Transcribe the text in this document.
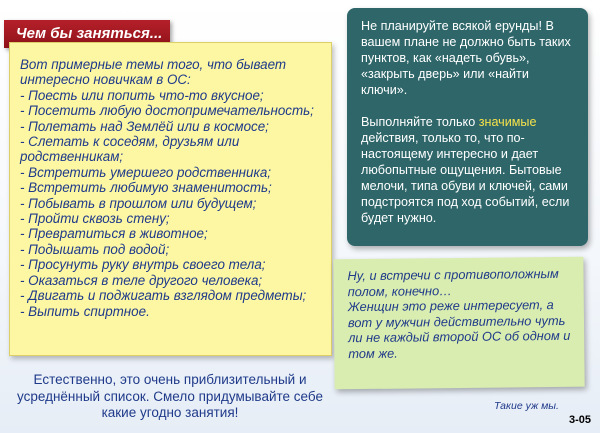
Чем бы заняться...

Вот примерные темы того, что бывает интересно новичкам в ОС:

- Поесть или попить что-то вкусное;
- Посетить любую достопримечательность;
- Полетать над Землёй или в космосе;
- Слетать к соседям, друзьям или родственникам;
- Встретить умершего родственника;
- Встретить любимую знаменитость;
- Побывать в прошлом или будущем;
- Пройти сквозь стену;
- Превратиться в животное;
- Подышать под водой;
- Просунуть руку внутрь своего тела;
- Оказаться в теле другого человека;
- Двигать и поджигать взглядом предметы;
- Выпить спиртное.
Естественно, это очень приблизительный и усреднённый список. Смело придумывайте себе какие угодно занятия!

Не планируйте всякой ерунды! В вашем плане не должно быть таких пунктов, как «надеть обувь», «закрыть дверь» или «найти ключи».

Выполняйте только значимые действия, только то, что по-настоящему интересно и дает любопытные ощущения. Бытовые мелочи, типа обуви и ключей, сами подстроятся под ход событий, если будет нужно.

Ну, и встречи с противоположным полом, конечно…

Женщин это реже интересует, а вот у мужчин действительно чуть ли не каждый второй ОС об одном и том же.

Такие уж мы.
3-05
